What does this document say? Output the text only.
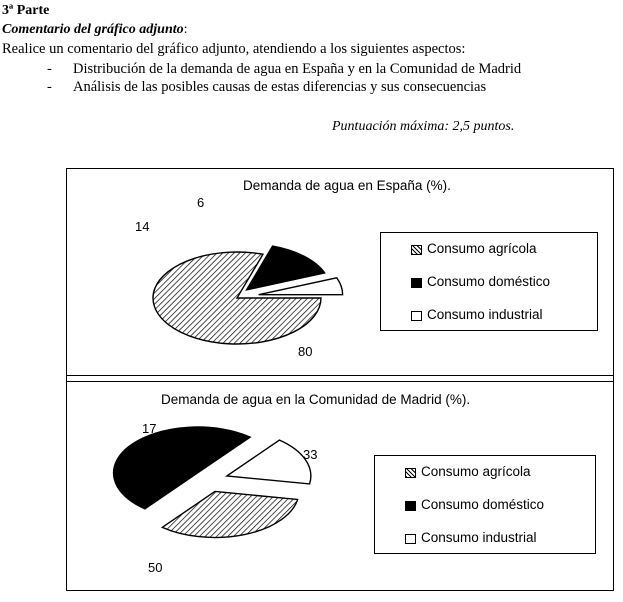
3ª Parte
Comentario del gráfico adjunto:
Realice un comentario del gráfico adjunto, atendiendo a los siguientes aspectos:
- Distribución de la demanda de agua en España y en la Comunidad de Madrid
- Análisis de las posibles causas de estas diferencias y sus consecuencias
Puntuación máxima: 2,5 puntos.
Demanda de agua en España (%).
Consumo agrícola
Consumo doméstico
Consumo industrial
Demanda de agua en la Comunidad de Madrid (%).
Consumo agrícola
Consumo doméstico
Consumo industrial
80
14
6
33
50
17
